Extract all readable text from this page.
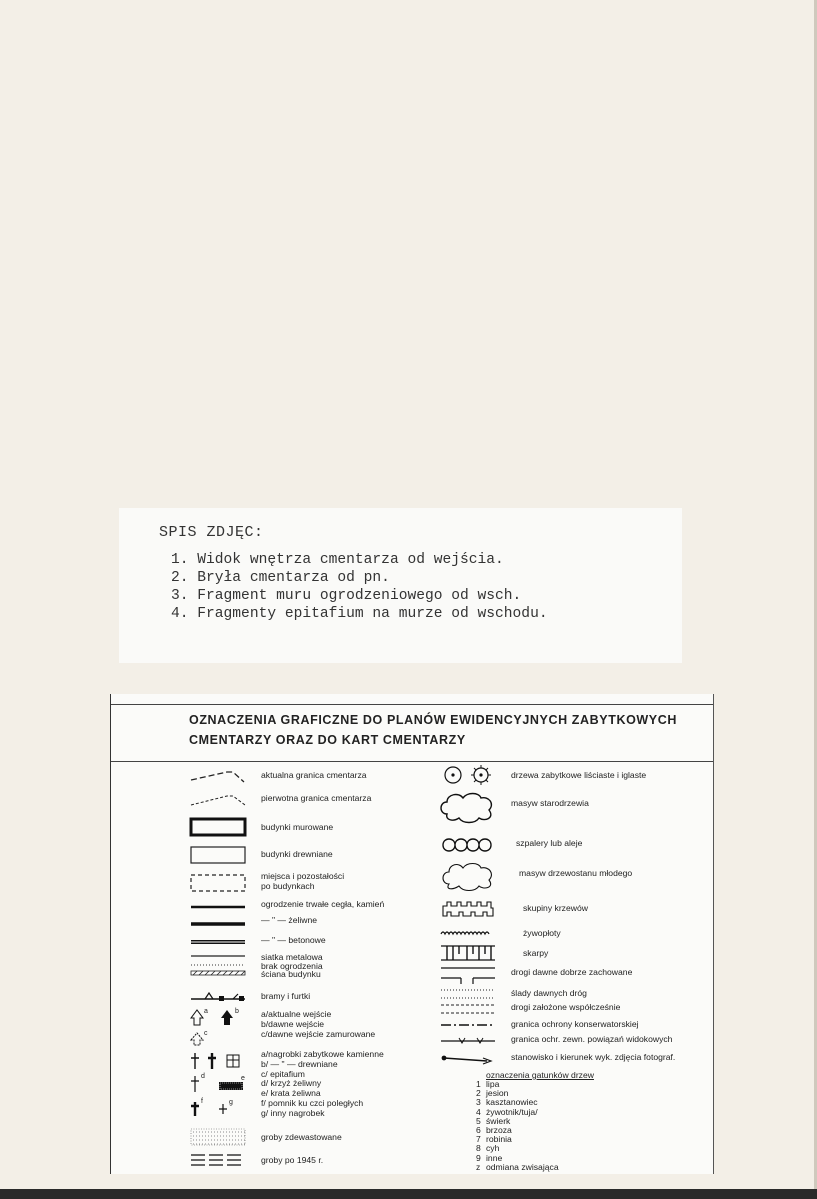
SPIS ZDJĘC:

1. Widok wnętrza cmentarza od wejścia.
2. Bryła cmentarza od pn.
3. Fragment muru ogrodzeniowego od wsch.
4. Fragmenty epitafium na murze od wschodu.
OZNACZENIA GRAFICZNE DO PLANÓW EWIDENCYJNYCH ZABYTKOWYCH
CMENTARZY ORAZ DO KART CMENTARZY
aktualna granica cmentarza
pierwotna granica cmentarza
budynki murowane
budynki drewniane
miejsca i pozostałości
po budynkach
ogrodzenie trwałe cegła, kamień
— " — żeliwne
— " — betonowe
siatka metalowa
brak ogrodzenia
ściana budynku
bramy i furtki
a	b
c
a/aktualne wejście
b/dawne wejście
c/dawne wejście zamurowane
a/nagrobki zabytkowe kamienne
b/ — " — drewniane
c/ epitafium
d	e
f	g
d/ krzyż żeliwny
e/ krata żeliwna
f/ pomnik ku czci poległych
g/ inny nagrobek
groby zdewastowane
groby po 1945 r.
drzewa zabytkowe liściaste i iglaste
masyw starodrzewia
szpalery lub aleje
masyw drzewostanu młodego
skupiny krzewów
żywopłoty
skarpy
drogi dawne dobrze zachowane
ślady dawnych dróg
drogi założone współcześnie
granica ochrony konserwatorskiej
granica ochr. zewn. powiązań widokowych
stanowisko i kierunek wyk. zdjęcia fotograf.

oznaczenia gatunków drzew

1 lipa
2 jesion
3 kasztanowiec
4 żywotnik/tuja/
5 świerk
6 brzoza
7 robinia
8 cyh
9 inne
z odmiana zwisająca
